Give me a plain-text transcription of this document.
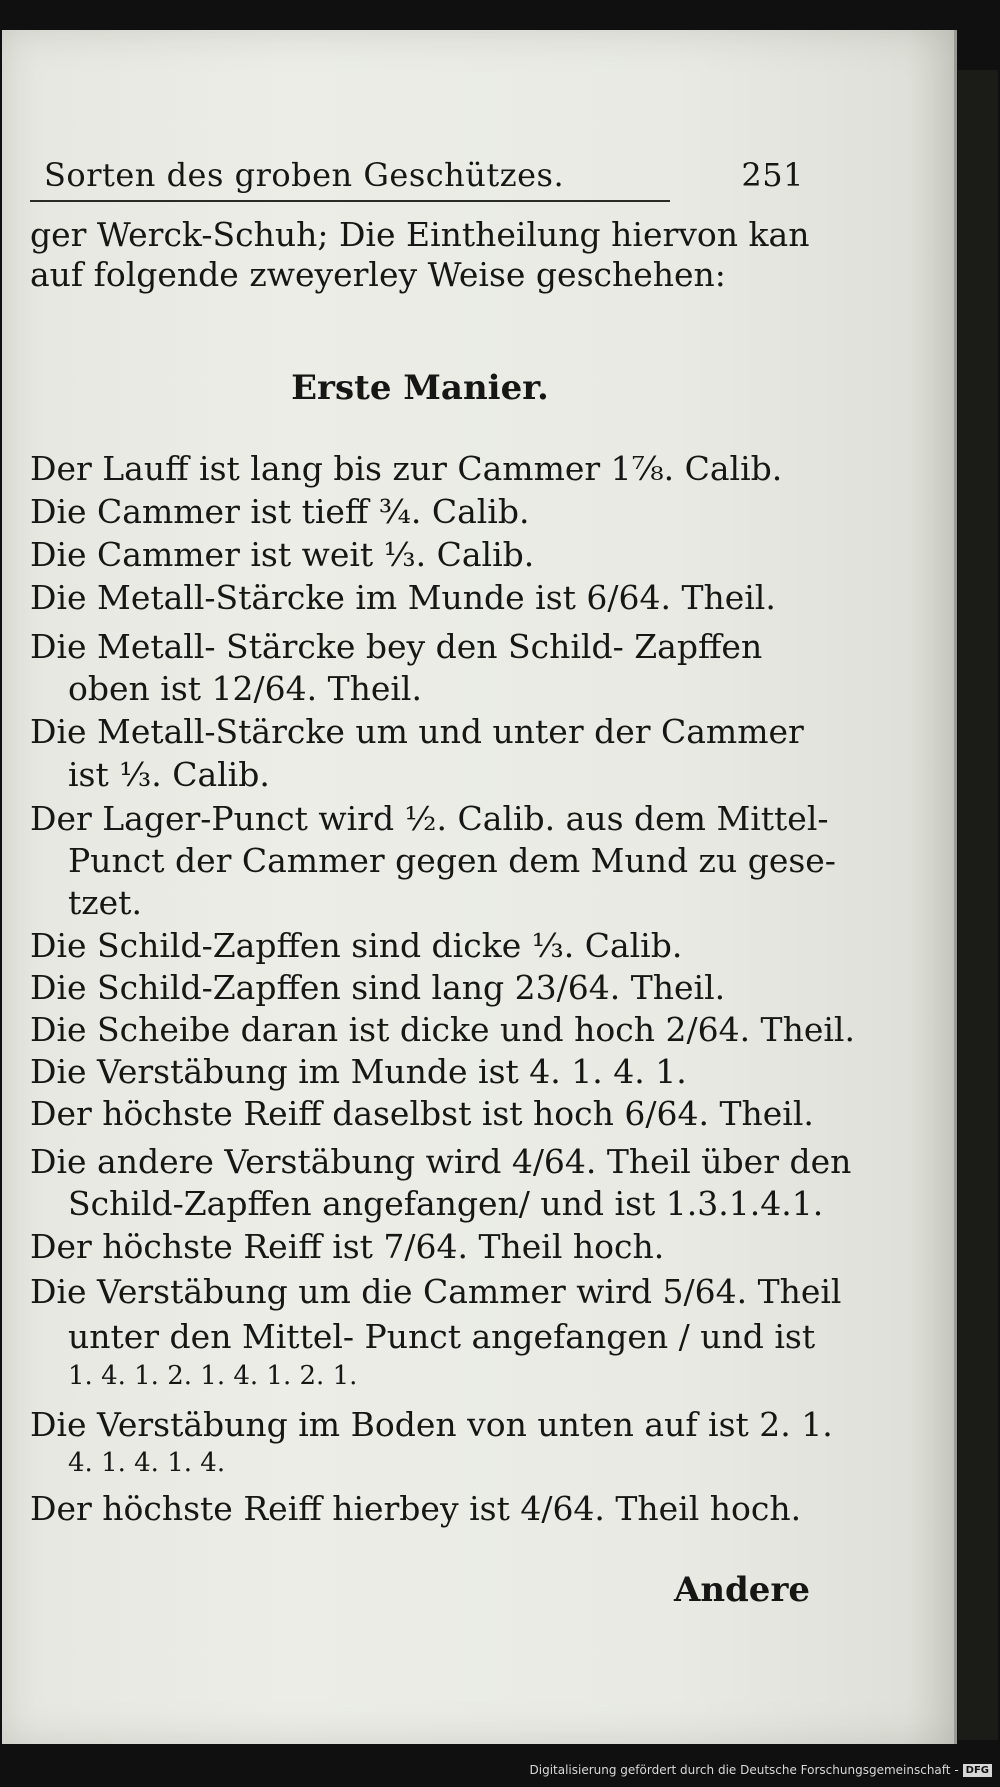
Sorten des groben Geschützes.	251
ger Werck-Schuh; Die Eintheilung hiervon kan
auf folgende zweyerley Weise geschehen:
Erste Manier.
Der Lauff ist lang bis zur Cammer 1⅞. Calib.
Die Cammer ist tieff ¾. Calib.
Die Cammer ist weit ⅓. Calib.
Die Metall-Stärcke im Munde ist 6/64. Theil.
Die Metall- Stärcke bey den Schild- Zapffen
oben ist 12/64. Theil.
Die Metall-Stärcke um und unter der Cammer
ist ⅓. Calib.
Der Lager-Punct wird ½. Calib. aus dem Mittel-
Punct der Cammer gegen dem Mund zu gese-
tzet.
Die Schild-Zapffen sind dicke ⅓. Calib.
Die Schild-Zapffen sind lang 23/64. Theil.
Die Scheibe daran ist dicke und hoch 2/64. Theil.
Die Verstäbung im Munde ist 4. 1. 4. 1.
Der höchste Reiff daselbst ist hoch 6/64. Theil.
Die andere Verstäbung wird 4/64. Theil über den
Schild-Zapffen angefangen/ und ist 1.3.1.4.1.
Der höchste Reiff ist 7/64. Theil hoch.
Die Verstäbung um die Cammer wird 5/64. Theil
unter den Mittel- Punct angefangen / und ist
1. 4. 1. 2. 1. 4. 1. 2. 1.
Die Verstäbung im Boden von unten auf ist 2. 1.
4. 1. 4. 1. 4.
Der höchste Reiff hierbey ist 4/64. Theil hoch.
Andere
Digitalisierung gefördert durch die Deutsche Forschungsgemeinschaft - DFG
